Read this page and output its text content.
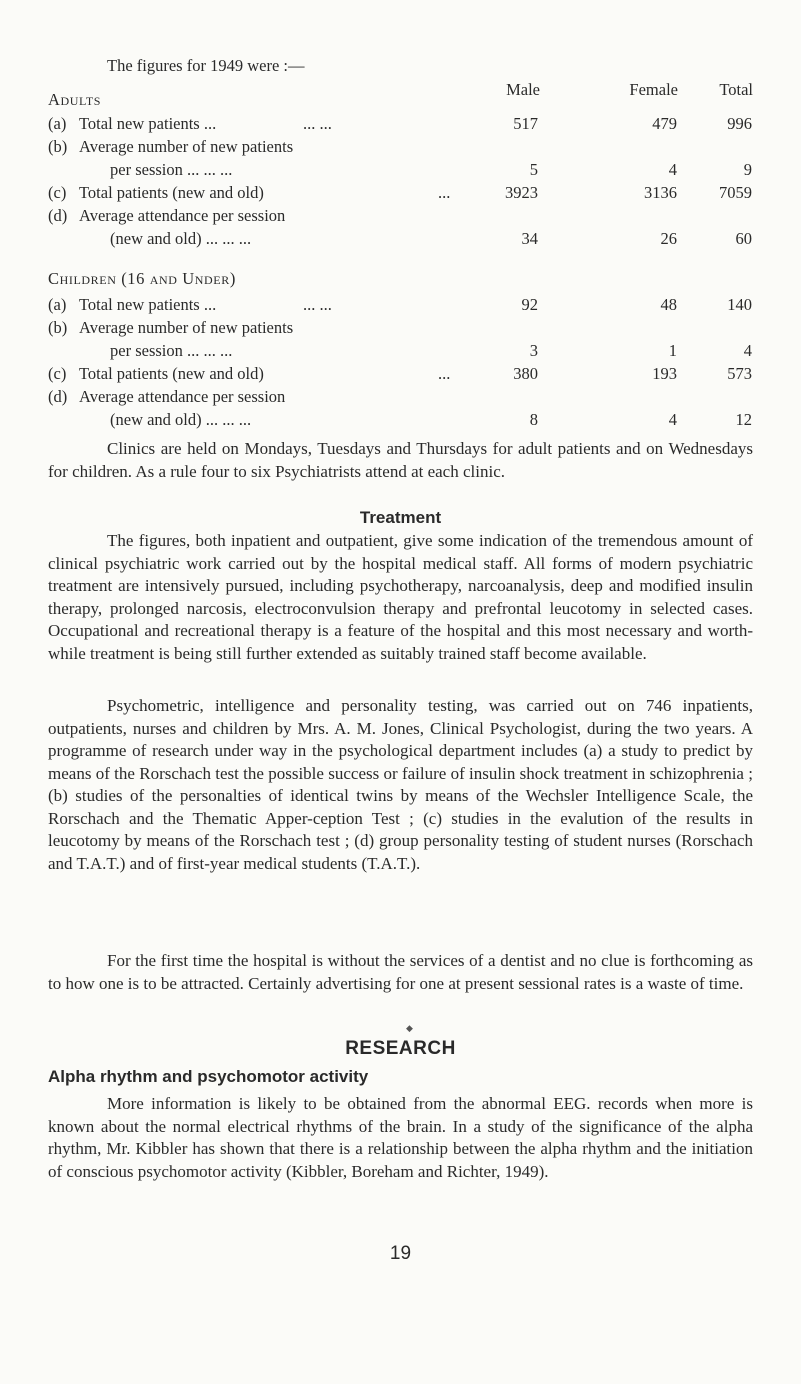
The figures for 1949 were :—
Male	Female	Total
Adults
(a) Total new patients ...	... ...	517	479	996
(b) Average number of new patients
per session ... ... ...	5	4	9
(c) Total patients (new and old)	...	3923	3136	7059
(d) Average attendance per session
(new and old) ... ... ...	34	26	60
Children (16 and Under)
(a) Total new patients ...	... ...	92	48	140
(b) Average number of new patients
per session ... ... ...	3	1	4
(c) Total patients (new and old)	...	380	193	573
(d) Average attendance per session
(new and old) ... ... ...	8	4	12

Clinics are held on Mondays, Tuesdays and Thursdays for adult patients and on Wednesdays for children. As a rule four to six Psychiatrists attend at each clinic.

Treatment

The figures, both inpatient and outpatient, give some indication of the tremendous amount of clinical psychiatric work carried out by the hospital medical staff. All forms of modern psychiatric treatment are intensively pursued, including psychotherapy, narcoanalysis, deep and modified insulin therapy, prolonged narcosis, electroconvulsion therapy and prefrontal leucotomy in selected cases. Occupational and recreational therapy is a feature of the hospital and this most necessary and worth-while treatment is being still further extended as suitably trained staff become available.

Psychometric, intelligence and personality testing, was carried out on 746 inpatients, outpatients, nurses and children by Mrs. A. M. Jones, Clinical Psychologist, during the two years. A programme of research under way in the psychological department includes (a) a study to predict by means of the Rorschach test the possible success or failure of insulin shock treatment in schizophrenia ; (b) studies of the personalties of identical twins by means of the Wechsler Intelligence Scale, the Rorschach and the Thematic Apper-ception Test ; (c) studies in the evalution of the results in leucotomy by means of the Rorschach test ; (d) group personality testing of student nurses (Rorschach and T.A.T.) and of first-year medical students (T.A.T.).

For the first time the hospital is without the services of a dentist and no clue is forthcoming as to how one is to be attracted. Certainly advertising for one at present sessional rates is a waste of time.

◆
RESEARCH
Alpha rhythm and psychomotor activity

More information is likely to be obtained from the abnormal EEG. records when more is known about the normal electrical rhythms of the brain. In a study of the significance of the alpha rhythm, Mr. Kibbler has shown that there is a relationship between the alpha rhythm and the initiation of conscious psychomotor activity (Kibbler, Boreham and Richter, 1949).

19
